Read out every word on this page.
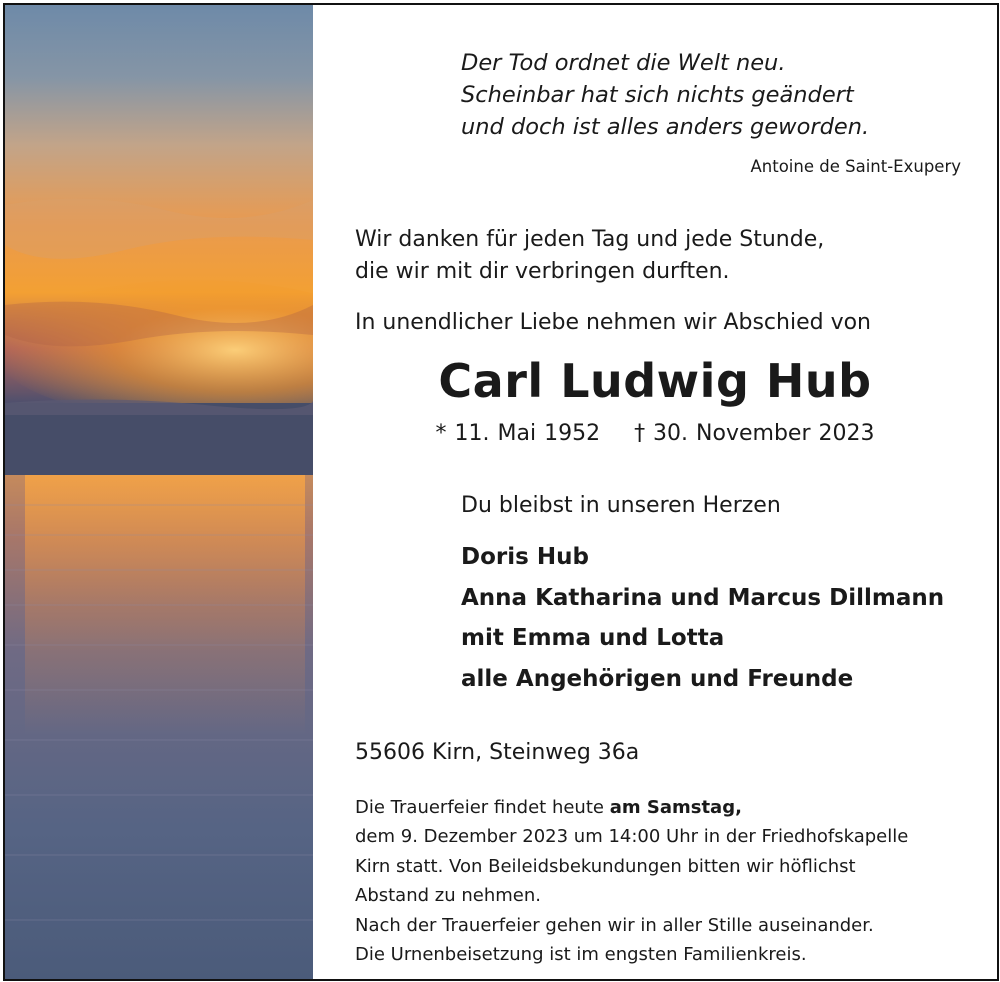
Der Tod ordnet die Welt neu.
Scheinbar hat sich nichts geändert
und doch ist alles anders geworden.
Antoine de Saint-Exupery
Wir danken für jeden Tag und jede Stunde,
die wir mit dir verbringen durften.
In unendlicher Liebe nehmen wir Abschied von
Carl Ludwig Hub
* 11. Mai 1952 † 30. November 2023
Du bleibst in unseren Herzen
Doris Hub
Anna Katharina und Marcus Dillmann
mit Emma und Lotta
alle Angehörigen und Freunde
55606 Kirn, Steinweg 36a
Die Trauerfeier findet heute am Samstag,
dem 9. Dezember 2023 um 14:00 Uhr in der Friedhofskapelle
Kirn statt. Von Beileidsbekundungen bitten wir höflichst
Abstand zu nehmen.
Nach der Trauerfeier gehen wir in aller Stille auseinander.
Die Urnenbeisetzung ist im engsten Familienkreis.
